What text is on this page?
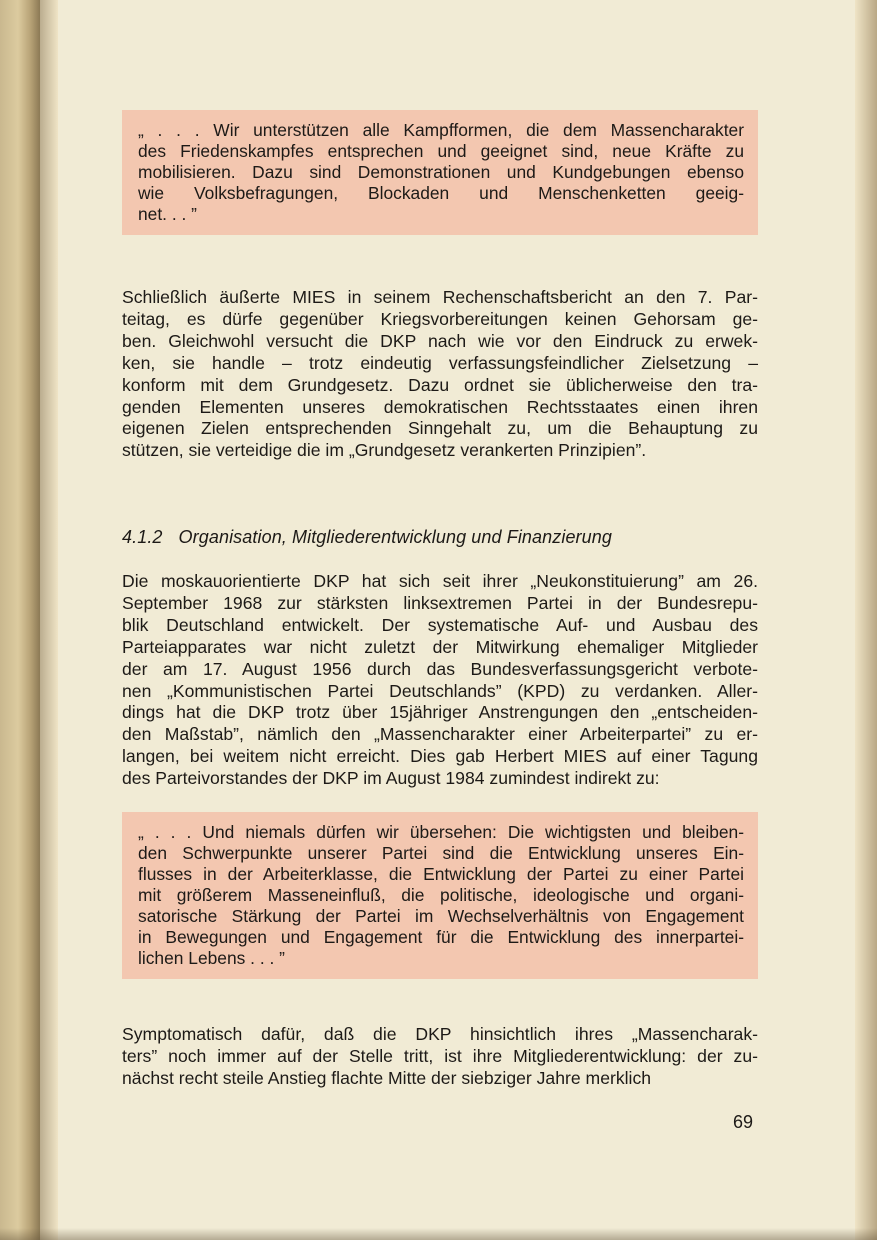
„ . . . Wir unterstützen alle Kampfformen, die dem Massencharakter
des Friedenskampfes entsprechen und geeignet sind, neue Kräfte zu
mobilisieren. Dazu sind Demonstrationen und Kundgebungen ebenso
wie Volksbefragungen, Blockaden und Menschenketten geeig-
net. . . ”

Schließlich äußerte MIES in seinem Rechenschaftsbericht an den 7. Par-
teitag, es dürfe gegenüber Kriegsvorbereitungen keinen Gehorsam ge-
ben. Gleichwohl versucht die DKP nach wie vor den Eindruck zu erwek-
ken, sie handle – trotz eindeutig verfassungsfeindlicher Zielsetzung –
konform mit dem Grundgesetz. Dazu ordnet sie üblicherweise den tra-
genden Elementen unseres demokratischen Rechtsstaates einen ihren
eigenen Zielen entsprechenden Sinngehalt zu, um die Behauptung zu
stützen, sie verteidige die im „Grundgesetz verankerten Prinzipien”.
4.1.2 Organisation, Mitgliederentwicklung und Finanzierung
Die moskauorientierte DKP hat sich seit ihrer „Neukonstituierung” am 26.
September 1968 zur stärksten linksextremen Partei in der Bundesrepu-
blik Deutschland entwickelt. Der systematische Auf- und Ausbau des
Parteiapparates war nicht zuletzt der Mitwirkung ehemaliger Mitglieder
der am 17. August 1956 durch das Bundesverfassungsgericht verbote-
nen „Kommunistischen Partei Deutschlands” (KPD) zu verdanken. Aller-
dings hat die DKP trotz über 15jähriger Anstrengungen den „entscheiden-
den Maßstab”, nämlich den „Massencharakter einer Arbeiterpartei” zu er-
langen, bei weitem nicht erreicht. Dies gab Herbert MIES auf einer Tagung
des Parteivorstandes der DKP im August 1984 zumindest indirekt zu:

„ . . . Und niemals dürfen wir übersehen: Die wichtigsten und bleiben-
den Schwerpunkte unserer Partei sind die Entwicklung unseres Ein-
flusses in der Arbeiterklasse, die Entwicklung der Partei zu einer Partei
mit größerem Masseneinfluß, die politische, ideologische und organi-
satorische Stärkung der Partei im Wechselverhältnis von Engagement
in Bewegungen und Engagement für die Entwicklung des innerpartei-
lichen Lebens . . . ”

Symptomatisch dafür, daß die DKP hinsichtlich ihres „Massencharak-
ters” noch immer auf der Stelle tritt, ist ihre Mitgliederentwicklung: der zu-
nächst recht steile Anstieg flachte Mitte der siebziger Jahre merklich
69
